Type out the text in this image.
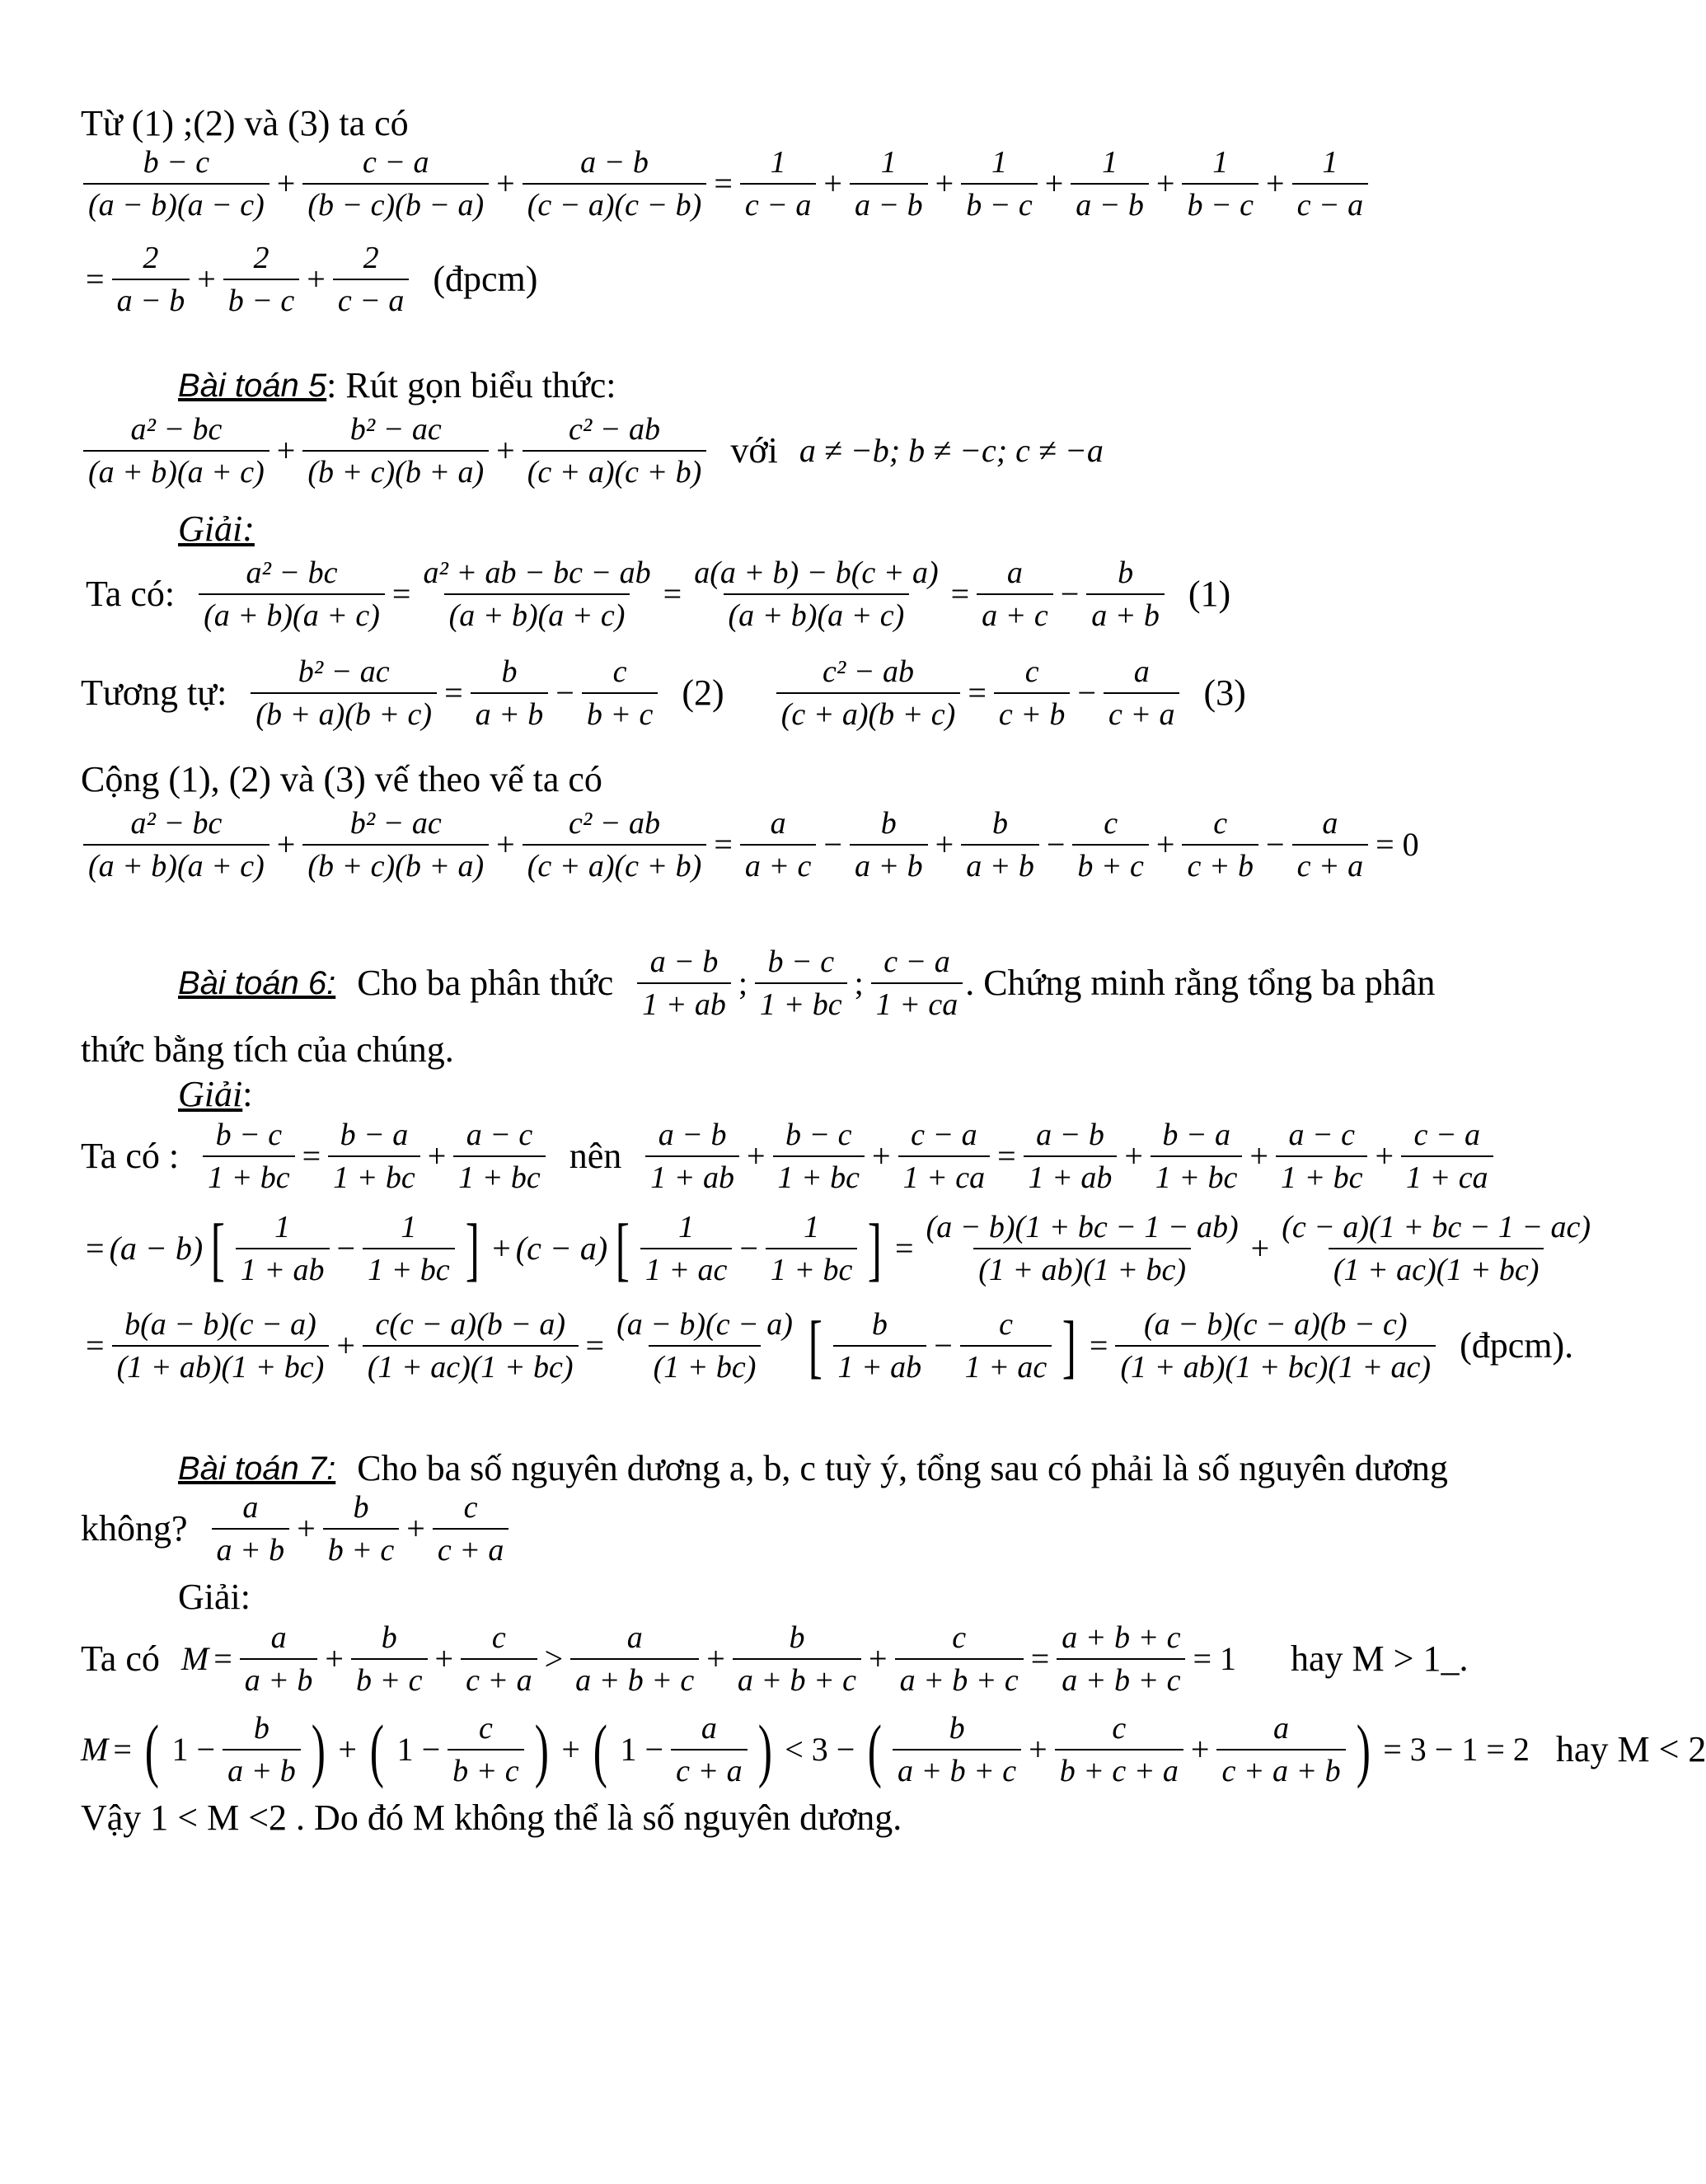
Từ (1) ;(2) và (3) ta có
$\frac{b - c}{(a - b)(a - c)} + \frac{c - a}{(b - c)(b - a)} + \frac{a - b}{(c - a)(c - b)} = \frac{1}{c - a} + \frac{1}{a - b} + \frac{1}{b - c} + \frac{1}{a - b} + \frac{1}{b - c} + \frac{1}{c - a}$
= $\frac{2}{a - b} + \frac{2}{b - c} + \frac{2}{c - a}$ (đpcm)
Bài toán 5 : Rút gọn biểu thức:
$\frac{\text{a² − bc}}{(a + b)(a + c)} + \frac{\text{b² − ac}}{(b + c)(b + a)} + \frac{\text{c² − ab}}{(c + a)(c + b)}$ với a ≠ −b; b ≠ −c; c ≠ −a
Giải:
Ta có: $\frac{\text{a² − bc}}{(a + b)(a + c)} = \frac{\text{a² + ab − bc − ab}}{(a + b)(a + c)} = \frac{a(a + b) - b(c + a)}{(a + b)(a + c)} = \frac{a}{a + c} - \frac{b}{a + b} (1)$
Tương tự: $\frac{\text{b² − ac}}{(b + a)(b + c)} = \frac{b}{a + b} - \frac{c}{b + c} (2) \frac{\text{c² − ab}}{(c + a)(b + c)} = \frac{c}{c + b} - \frac{a}{c + a} (3)$
Cộng (1), (2) và (3) vế theo vế ta có
$\frac{\text{a² − bc}}{(a + b)(a + c)} + \frac{\text{b² − ac}}{(b + c)(b + a)} + \frac{\text{c² − ab}}{(c + a)(c + b)} = \frac{a}{a + c} - \frac{b}{a + b} + \frac{b}{a + b} - \frac{c}{b + c} + \frac{c}{c + b} - \frac{a}{c + a} = 0$
Bài toán 6: Cho ba phân thức $\frac{a - b}{1 + ab}$ ; $\frac{b - c}{1 + bc}$ ; $\frac{c - a}{1 + ca}$ . Chứng minh rằng tổng ba phân
thức bằng tích của chúng.
Giải :
Ta có : $\frac{b - c}{1 + bc} = \frac{b - a}{1 + bc} + \frac{a - c}{1 + bc}$ nên $\frac{a - b}{1 + ab} + \frac{b - c}{1 + bc} + \frac{c - a}{1 + ca} = \frac{a - b}{1 + ab} + \frac{b - a}{1 + bc} + \frac{a - c}{1 + bc} + \frac{c - a}{1 + ca}$
= (a − b) [ $\frac{1}{1 + ab} - \frac{1}{1 + bc}$ ] + (c − a) [ $\frac{1}{1 + ac} - \frac{1}{1 + bc}$ ] = $\frac{(a - b)(1 + bc - 1 - ab)}{(1 + ab)(1 + bc)} + \frac{(c - a)(1 + bc - 1 - ac)}{(1 + ac)(1 + bc)}$
= $\frac{b(a - b)(c - a)}{(1 + ab)(1 + bc)} + \frac{c(c - a)(b - a)}{(1 + ac)(1 + bc)} = \frac{(a - b)(c - a)}{(1 + bc)}$ [ $\frac{b}{1 + ab} - \frac{c}{1 + ac}$ ] = $\frac{(a - b)(c - a)(b - c)}{(1 + ab)(1 + bc)(1 + ac)}$ (đpcm).
Bài toán 7: Cho ba số nguyên dương a, b, c tuỳ ý, tổng sau có phải là số nguyên dương
không? $\frac{a}{a + b} + \frac{b}{b + c} + \frac{c}{c + a}$
Giải:
Ta có $M = \frac{a}{a + b} + \frac{b}{b + c} + \frac{c}{c + a} > \frac{a}{a + b + c} + \frac{b}{a + b + c} + \frac{c}{a + b + c} = \frac{a + b + c}{a + b + c} = 1$ hay M > 1 _.
M = ( $1 - \frac{b}{a + b}$ ) + ( $1 - \frac{c}{b + c}$ ) + ( $1 - \frac{a}{c + a}$ ) < 3 − ( $\frac{b}{a + b + c} + \frac{c}{b + c + a} + \frac{a}{c + a + b}$ ) = 3 − 1 = 2 hay M < 2
Vậy 1 < M <2 . Do đó M không thể là số nguyên dương.
